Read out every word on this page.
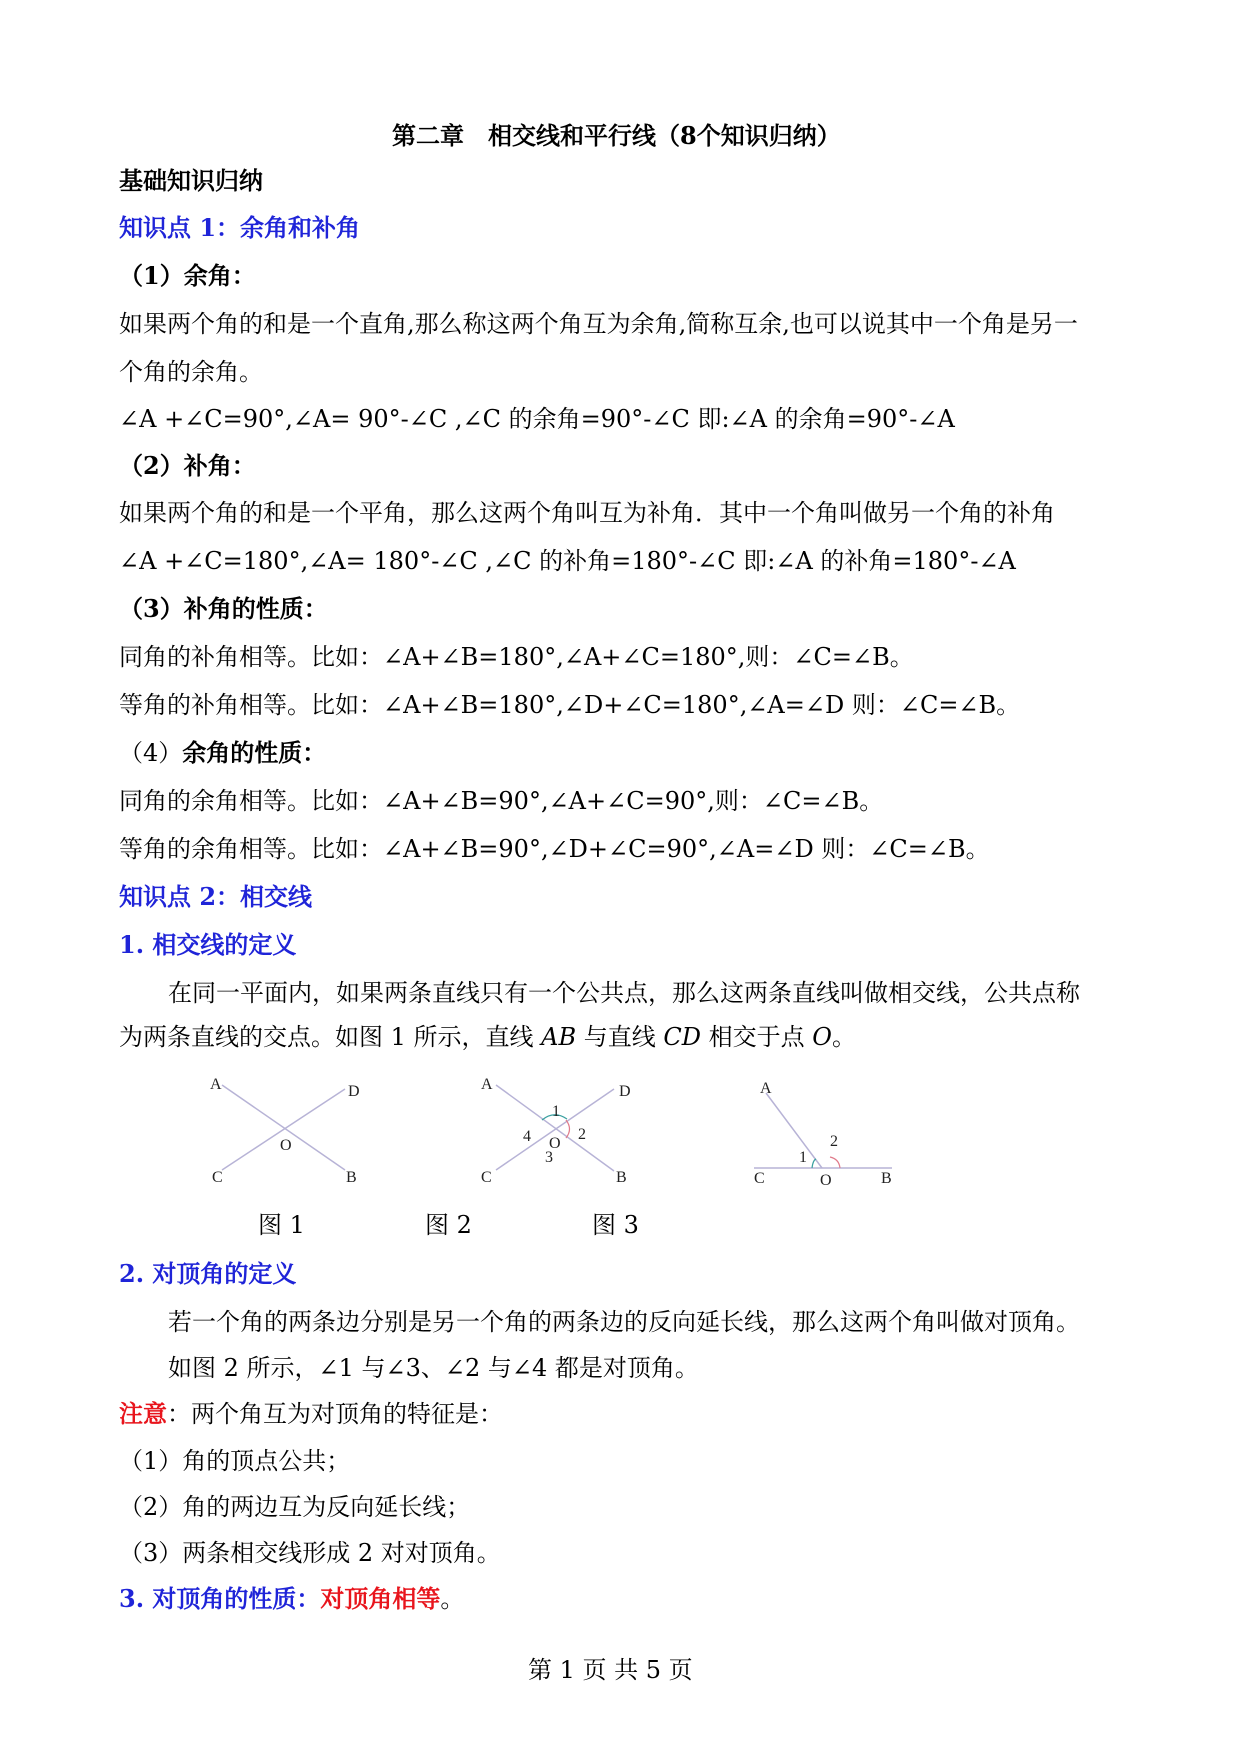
第二章　相交线和平行线（8个知识归纳）
基础知识归纳
知识点 1：余角和补角
（1）余角：
如果两个角的和是一个直角,那么称这两个角互为余角,简称互余,也可以说其中一个角是另一
个角的余角。
∠A +∠C=90°,∠A= 90°-∠C ,∠C 的余角=90°-∠C 即:∠A 的余角=90°-∠A
（2）补角：
如果两个角的和是一个平角，那么这两个角叫互为补角．其中一个角叫做另一个角的补角
∠A +∠C=180°,∠A= 180°-∠C ,∠C 的补角=180°-∠C 即:∠A 的补角=180°-∠A
（3）补角的性质：
同角的补角相等。比如：∠A+∠B=180°,∠A+∠C=180°,则：∠C=∠B。
等角的补角相等。比如：∠A+∠B=180°,∠D+∠C=180°,∠A=∠D 则：∠C=∠B。
（4）余角的性质：
同角的余角相等。比如：∠A+∠B=90°,∠A+∠C=90°,则：∠C=∠B。
等角的余角相等。比如：∠A+∠B=90°,∠D+∠C=90°,∠A=∠D 则：∠C=∠B。
知识点 2：相交线
1. 相交线的定义
在同一平面内，如果两条直线只有一个公共点，那么这两条直线叫做相交线，公共点称
为两条直线的交点。如图 1 所示，直线 AB 与直线 CD 相交于点 O。
A	D
O
C	B
A	D
1
4	2
O
3
C	B
A
2
1
C	O	B
图 1	图 2	图 3
2. 对顶角的定义
若一个角的两条边分别是另一个角的两条边的反向延长线，那么这两个角叫做对顶角。
如图 2 所示，∠1 与∠3、∠2 与∠4 都是对顶角。
注意：两个角互为对顶角的特征是：
（1）角的顶点公共；
（2）角的两边互为反向延长线；
（3）两条相交线形成 2 对对顶角。
3. 对顶角的性质：对顶角相等。
第 1 页 共 5 页
